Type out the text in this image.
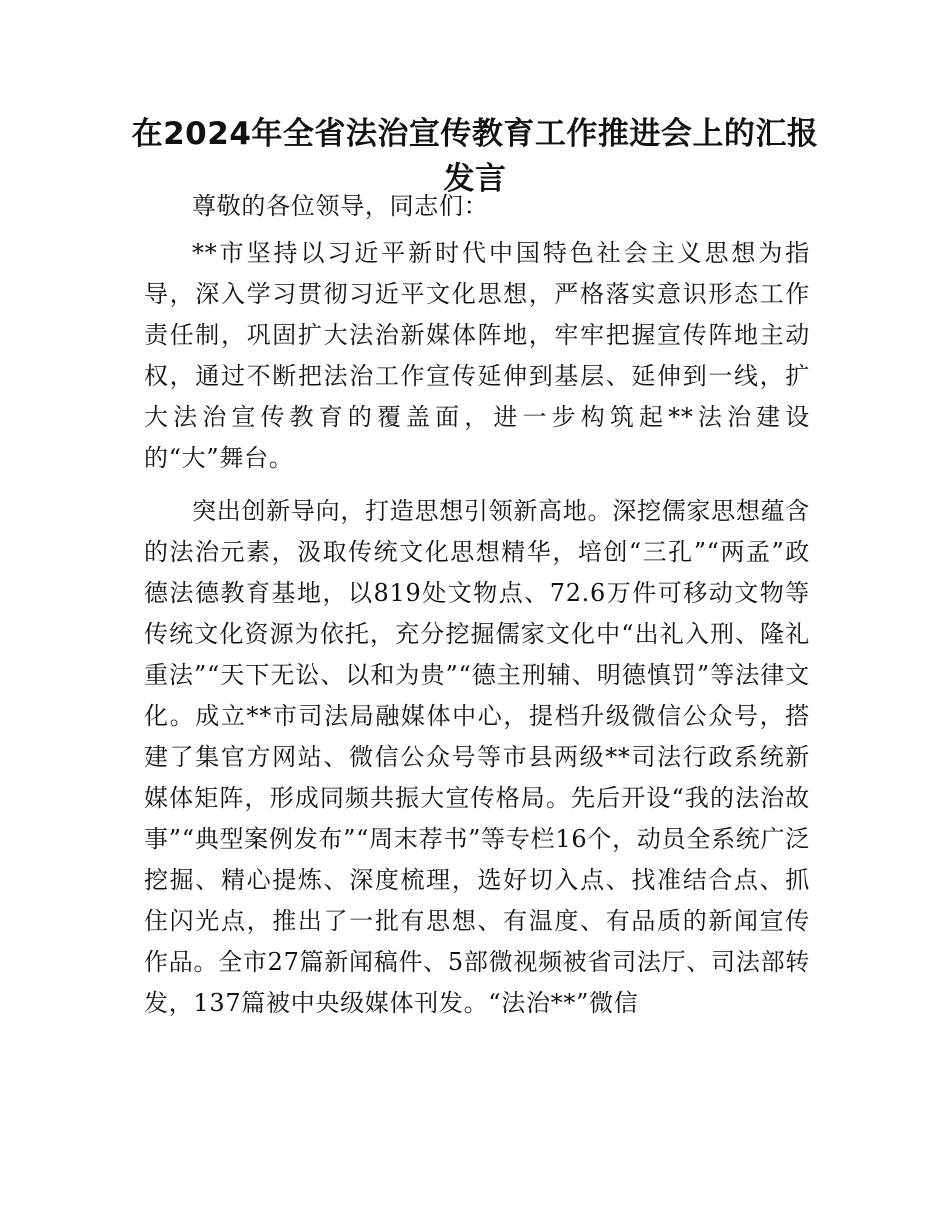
在2024年全省法治宣传教育工作推进会上的汇报发言

尊敬的各位领导，同志们：

**市坚持以习近平新时代中国特色社会主义思想为指导，深入学习贯彻习近平文化思想，严格落实意识形态工作责任制，巩固扩大法治新媒体阵地，牢牢把握宣传阵地主动权，通过不断把法治工作宣传延伸到基层、延伸到一线，扩大法治宣传教育的覆盖面，进一步构筑起**法治建设的“大”舞台。

突出创新导向，打造思想引领新高地。深挖儒家思想蕴含的法治元素，汲取传统文化思想精华，培创“三孔”“两孟”政德法德教育基地，以819处文物点、72.6万件可移动文物等传统文化资源为依托，充分挖掘儒家文化中“出礼入刑、隆礼重法”“天下无讼、以和为贵”“德主刑辅、明德慎罚”等法律文化。成立**市司法局融媒体中心，提档升级微信公众号，搭建了集官方网站、微信公众号等市县两级**司法行政系统新媒体矩阵，形成同频共振大宣传格局。先后开设“我的法治故事”“典型案例发布”“周末荐书”等专栏16个，动员全系统广泛挖掘、精心提炼、深度梳理，选好切入点、找准结合点、抓住闪光点，推出了一批有思想、有温度、有品质的新闻宣传作品。全市27篇新闻稿件、5部微视频被省司法厅、司法部转发，137篇被中央级媒体刊发。“法治**”微信
